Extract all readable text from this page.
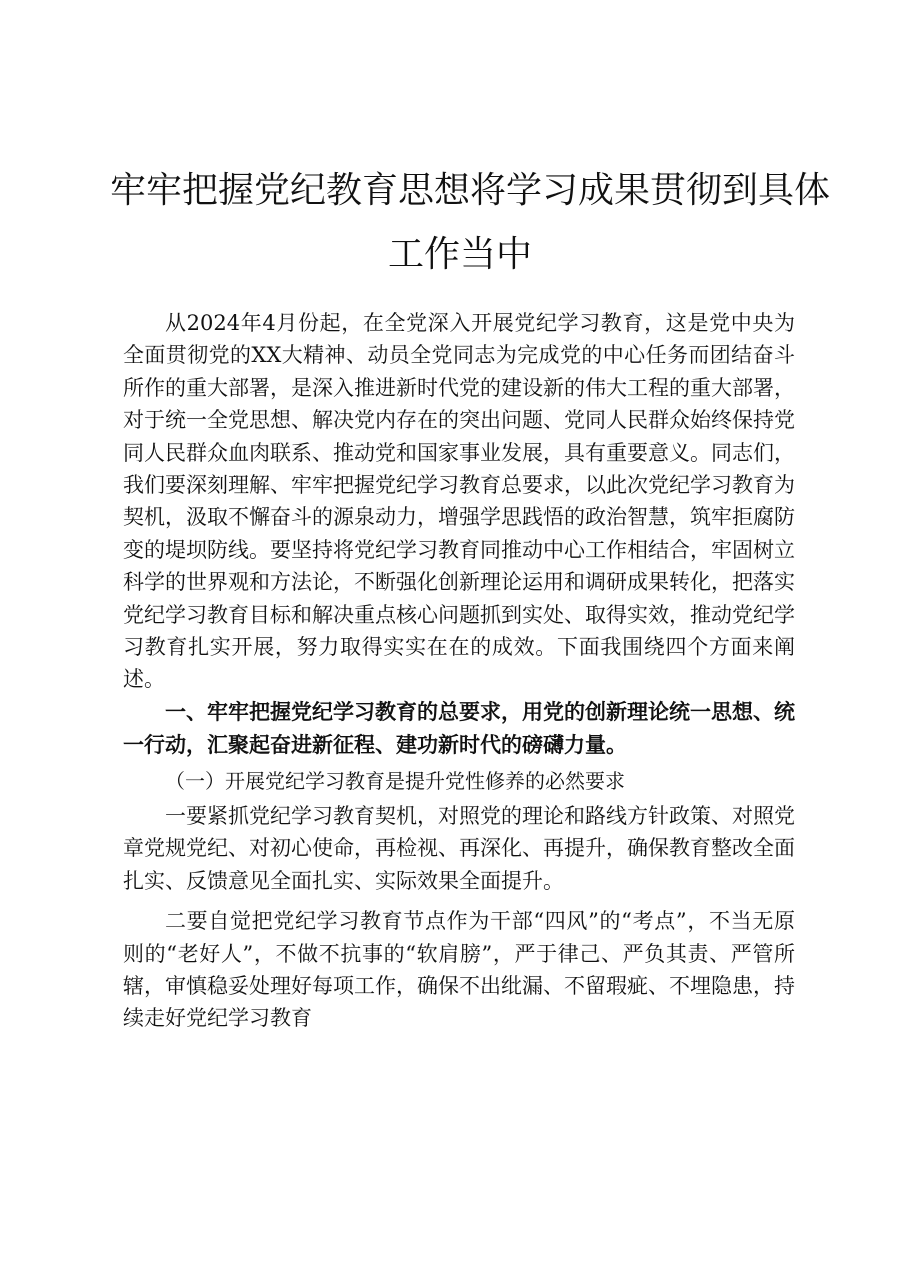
牢牢把握党纪教育思想将学习成果贯彻到具体
工作当中

从2024年4月份起，在全党深入开展党纪学习教育，这是党中央为全面贯彻党的XX大精神、动员全党同志为完成党的中心任务而团结奋斗所作的重大部署，是深入推进新时代党的建设新的伟大工程的重大部署，对于统一全党思想、解决党内存在的突出问题、党同人民群众始终保持党同人民群众血肉联系、推动党和国家事业发展，具有重要意义。同志们，我们要深刻理解、牢牢把握党纪学习教育总要求，以此次党纪学习教育为契机，汲取不懈奋斗的源泉动力，增强学思践悟的政治智慧，筑牢拒腐防变的堤坝防线。要坚持将党纪学习教育同推动中心工作相结合，牢固树立科学的世界观和方法论，不断强化创新理论运用和调研成果转化，把落实党纪学习教育目标和解决重点核心问题抓到实处、取得实效，推动党纪学习教育扎实开展，努力取得实实在在的成效。下面我围绕四个方面来阐述。

一、牢牢把握党纪学习教育的总要求，用党的创新理论统一思想、统一行动，汇聚起奋进新征程、建功新时代的磅礴力量。

（一）开展党纪学习教育是提升党性修养的必然要求

一要紧抓党纪学习教育契机，对照党的理论和路线方针政策、对照党章党规党纪、对初心使命，再检视、再深化、再提升，确保教育整改全面扎实、反馈意见全面扎实、实际效果全面提升。

二要自觉把党纪学习教育节点作为干部“四风”的“考点”，不当无原则的“老好人”，不做不抗事的“软肩膀”，严于律己、严负其责、严管所辖，审慎稳妥处理好每项工作，确保不出纰漏、不留瑕疵、不埋隐患，持续走好党纪学习教育
